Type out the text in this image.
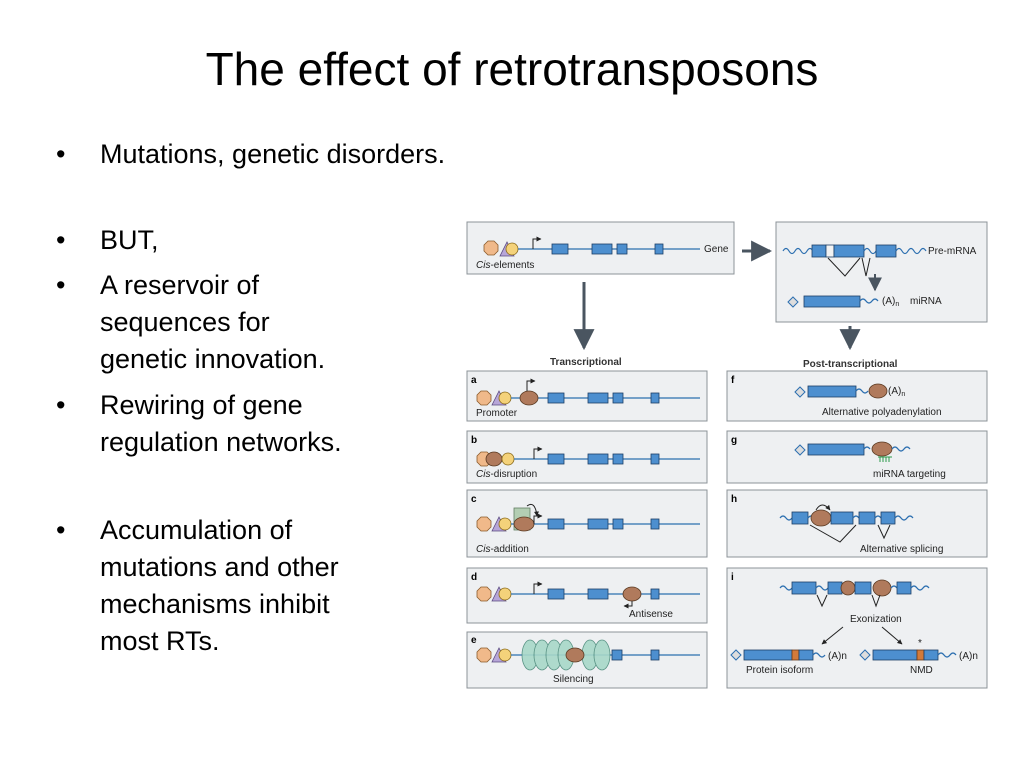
The effect of retrotransposons
•	Mutations, genetic disorders.
•	BUT,
•	A reservoir of
sequences for
genetic innovation.
•	Rewiring of gene
regulation networks.
•	Accumulation of
mutations and other
mechanisms inhibit
most RTs.
Gene
Cis-elements
Pre-mRNA
$(A)_n$ miRNA
Transcriptional	Post-transcriptional
a
Promoter
b
Cis-disruption
c
Cis-addition
d
Antisense
e
Silencing
f
$(A)_n$
Alternative polyadenylation
g
miRNA targeting
h
Alternative splicing
i
Exonization
(A)n
Protein isoform
(A)n
*
NMD
